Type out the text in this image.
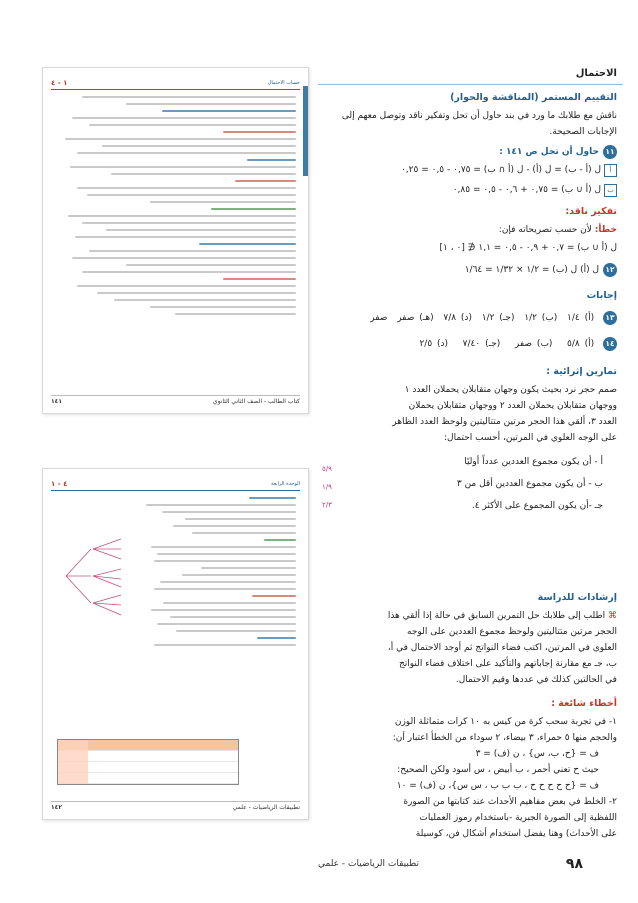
حساب الاحتمال
١ - ٤
كتاب الطالب - الصف الثاني الثانوي
١٤١
الوحدة الرابعة
٤ - ١
تطبيقات الرياضيات - علمي
١٤٢
الاحتمال
التقييم المستمر (المناقشة والحوار)
ناقش مع طلابك ما ورد في بند حاول أن تحل وتفكير ناقد وتوصل معهم إلى الإجابات الصحيحة.
١١حاول أن تحل ص ١٤١ :
أل (أ - ب) = ل (أ) - ل (أ ∩ ب) = ٠,٧٥ - ٠,٥ = ٠,٢٥
بل (أ ∪ ب) = ٠,٧٥ + ٠,٦ - ٠,٥ = ٠,٨٥
تفكير ناقد:
خطأ: لأن حسب تصريحاته فإن:
ل (أ ∪ ب) = ٠,٧ + ٠,٩ - ٠,٥ = ١,١ ∉ [٠ ، ١]
١٢ل (أ) ل (ب) = ١/٢ × ١/٣٢ = ١/٦٤
إجابات
١٣ (أ) ١/٤  (ب) ١/٢  (جـ) ١/٢  (د) ٧/٨  (هـ) صفر  صفر
١٤ (أ) ٥/٨   (ب) صفر   (جـ) ٧/٤٠   (د) ٢/٥
تمارين إثرائية :
صمم حجر نرد بحيث يكون وجهان متقابلان يحملان العدد ١
ووجهان متقابلان يحملان العدد ٢ ووجهان متقابلان يحملان
العدد ٣، ألقي هذا الحجر مرتين متتاليتين ولوحظ العدد الظاهر
على الوجه العلوي في المرتين، أحسب احتمال:
أ - أن يكون مجموع العددين عدداً أوليًا
ب - أن يكون مجموع العددين أقل من ٣
جـ -أن يكون المجموع على الأكثر ٤.
٥/٩
١/٩
٢/٣
إرشادات للدراسة
⌘ اطلب إلى طلابك حل التمرين السابق في حالة إذا ألقي هذا
الحجر مرتين متتاليتين ولوحظ مجموع العددين على الوجه
العلوي في المرتين، اكتب فضاء النواتج ثم أوجد الاحتمال في أ،
ب، جـ مع مقارنة إجاباتهم والتأكيد على اختلاف فضاء النواتج
في الحالتين كذلك في عددها وقيم الاحتمال.
أخطاء شائعة :
١- في تجربة سحب كرة من كيس به ١٠ كرات متماثلة الوزن
والحجم منها ٥ حمراء، ٣ بيضاء، ٢ سوداء من الخطأ اعتبار أن:
ف = {ح، ب، س} ، ن (ف) = ٣
حيث ح تعني أحمر ، ب أبيض ، س أسود ولكن الصحيح:
ف = {ح ح ح ح ح ، ب ب ب ، س س}، ن (ف) = ١٠
٢- الخلط في بعض مفاهيم الأحداث عند كتابتها من الصورة
اللفظية إلى الصورة الجبرية -باستخدام رموز العمليات
على الأحداث) وهنا يفضل استخدام أشكال فن، كوسيلة
٩٨
تطبيقات الرياضيات - علمي
